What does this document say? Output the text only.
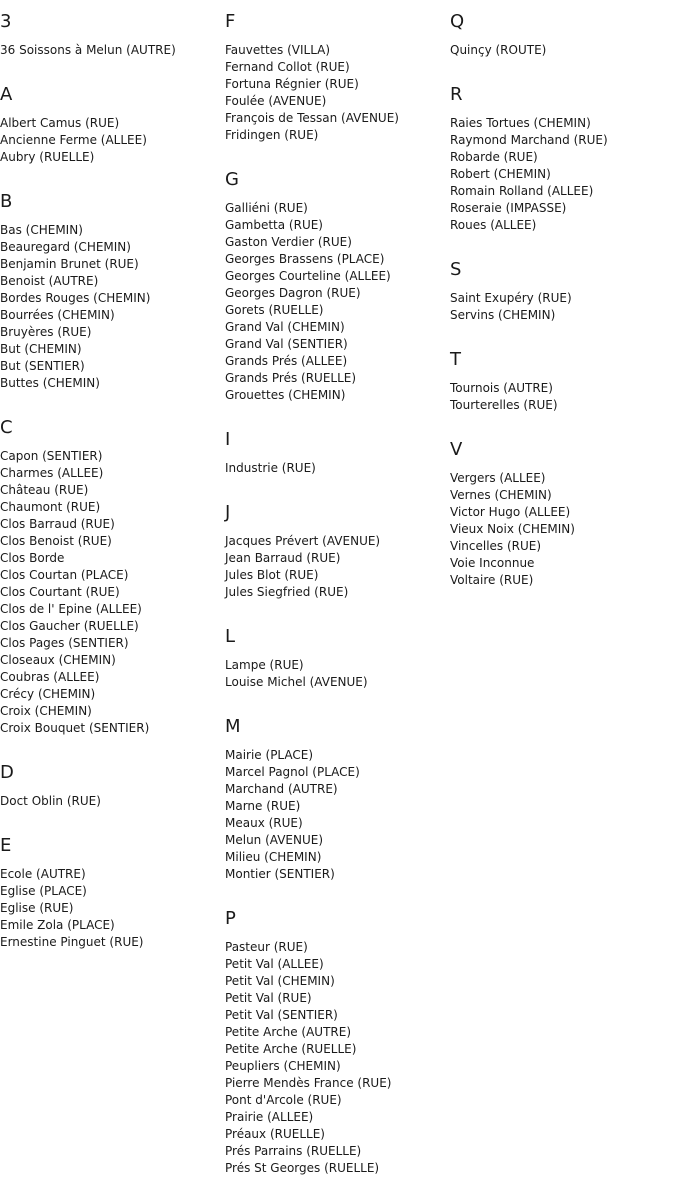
3
36 Soissons à Melun (AUTRE)
A
Albert Camus (RUE)
Ancienne Ferme (ALLEE)
Aubry (RUELLE)
B
Bas (CHEMIN)
Beauregard (CHEMIN)
Benjamin Brunet (RUE)
Benoist (AUTRE)
Bordes Rouges (CHEMIN)
Bourrées (CHEMIN)
Bruyères (RUE)
But (CHEMIN)
But (SENTIER)
Buttes (CHEMIN)
C
Capon (SENTIER)
Charmes (ALLEE)
Château (RUE)
Chaumont (RUE)
Clos Barraud (RUE)
Clos Benoist (RUE)
Clos Borde
Clos Courtan (PLACE)
Clos Courtant (RUE)
Clos de l' Epine (ALLEE)
Clos Gaucher (RUELLE)
Clos Pages (SENTIER)
Closeaux (CHEMIN)
Coubras (ALLEE)
Crécy (CHEMIN)
Croix (CHEMIN)
Croix Bouquet (SENTIER)
D
Doct Oblin (RUE)
E
Ecole (AUTRE)
Eglise (PLACE)
Eglise (RUE)
Emile Zola (PLACE)
Ernestine Pinguet (RUE)
F
Fauvettes (VILLA)
Fernand Collot (RUE)
Fortuna Régnier (RUE)
Foulée (AVENUE)
François de Tessan (AVENUE)
Fridingen (RUE)
G
Galliéni (RUE)
Gambetta (RUE)
Gaston Verdier (RUE)
Georges Brassens (PLACE)
Georges Courteline (ALLEE)
Georges Dagron (RUE)
Gorets (RUELLE)
Grand Val (CHEMIN)
Grand Val (SENTIER)
Grands Prés (ALLEE)
Grands Prés (RUELLE)
Grouettes (CHEMIN)
I
Industrie (RUE)
J
Jacques Prévert (AVENUE)
Jean Barraud (RUE)
Jules Blot (RUE)
Jules Siegfried (RUE)
L
Lampe (RUE)
Louise Michel (AVENUE)
M
Mairie (PLACE)
Marcel Pagnol (PLACE)
Marchand (AUTRE)
Marne (RUE)
Meaux (RUE)
Melun (AVENUE)
Milieu (CHEMIN)
Montier (SENTIER)
P
Pasteur (RUE)
Petit Val (ALLEE)
Petit Val (CHEMIN)
Petit Val (RUE)
Petit Val (SENTIER)
Petite Arche (AUTRE)
Petite Arche (RUELLE)
Peupliers (CHEMIN)
Pierre Mendès France (RUE)
Pont d'Arcole (RUE)
Prairie (ALLEE)
Préaux (RUELLE)
Prés Parrains (RUELLE)
Prés St Georges (RUELLE)
Q
Quinçy (ROUTE)
R
Raies Tortues (CHEMIN)
Raymond Marchand (RUE)
Robarde (RUE)
Robert (CHEMIN)
Romain Rolland (ALLEE)
Roseraie (IMPASSE)
Roues (ALLEE)
S
Saint Exupéry (RUE)
Servins (CHEMIN)
T
Tournois (AUTRE)
Tourterelles (RUE)
V
Vergers (ALLEE)
Vernes (CHEMIN)
Victor Hugo (ALLEE)
Vieux Noix (CHEMIN)
Vincelles (RUE)
Voie Inconnue
Voltaire (RUE)
